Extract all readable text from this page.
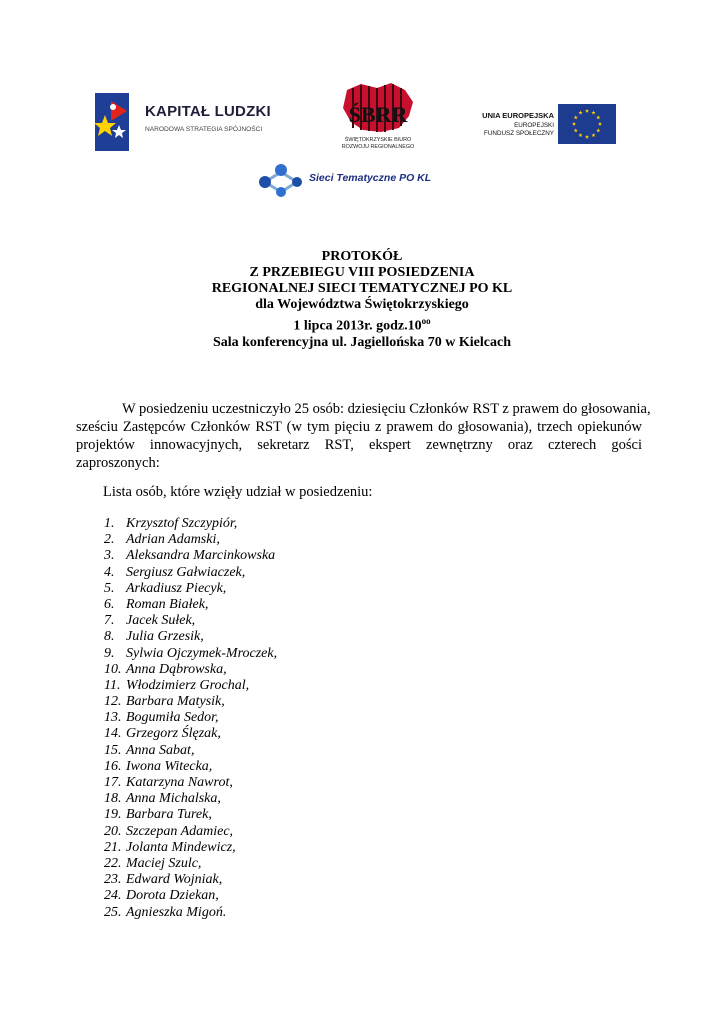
KAPITAŁ LUDZKI
NARODOWA STRATEGIA SPÓJNOŚCI
ŚBRR
ŚWIĘTOKRZYSKIE BIURO
ROZWOJU REGIONALNEGO
UNIA EUROPEJSKA
EUROPEJSKI
FUNDUSZ SPOŁECZNY
Sieci Tematyczne PO KL
PROTOKÓŁ
Z PRZEBIEGU VIII POSIEDZENIA
REGIONALNEJ SIECI TEMATYCZNEJ PO KL
dla Województwa Świętokrzyskiego
1 lipca 2013r. $godz.10^{oo}$
Sala konferencyjna ul. Jagiellońska 70 w Kielcach
W posiedzeniu uczestniczyło 25 osób: dziesięciu Członków RST z prawem do głosowania,
sześciu Zastępców Członków RST (w tym pięciu z prawem do głosowania), trzech opiekunów
projektów innowacyjnych, sekretarz RST, ekspert zewnętrzny oraz czterech gości
zaproszonych:
Lista osób, które wzięły udział w posiedzeniu:
1. Krzysztof Szczypiór,
2. Adrian Adamski,
3. Aleksandra Marcinkowska
4. Sergiusz Gałwiaczek,
5. Arkadiusz Piecyk,
6. Roman Białek,
7. Jacek Sułek,
8. Julia Grzesik,
9. Sylwia Ojczymek-Mroczek,
10. Anna Dąbrowska,
11. Włodzimierz Grochal,
12. Barbara Matysik,
13. Bogumiła Sedor,
14. Grzegorz Ślęzak,
15. Anna Sabat,
16. Iwona Witecka,
17. Katarzyna Nawrot,
18. Anna Michalska,
19. Barbara Turek,
20. Szczepan Adamiec,
21. Jolanta Mindewicz,
22. Maciej Szulc,
23. Edward Wojniak,
24. Dorota Dziekan,
25. Agnieszka Migoń.
